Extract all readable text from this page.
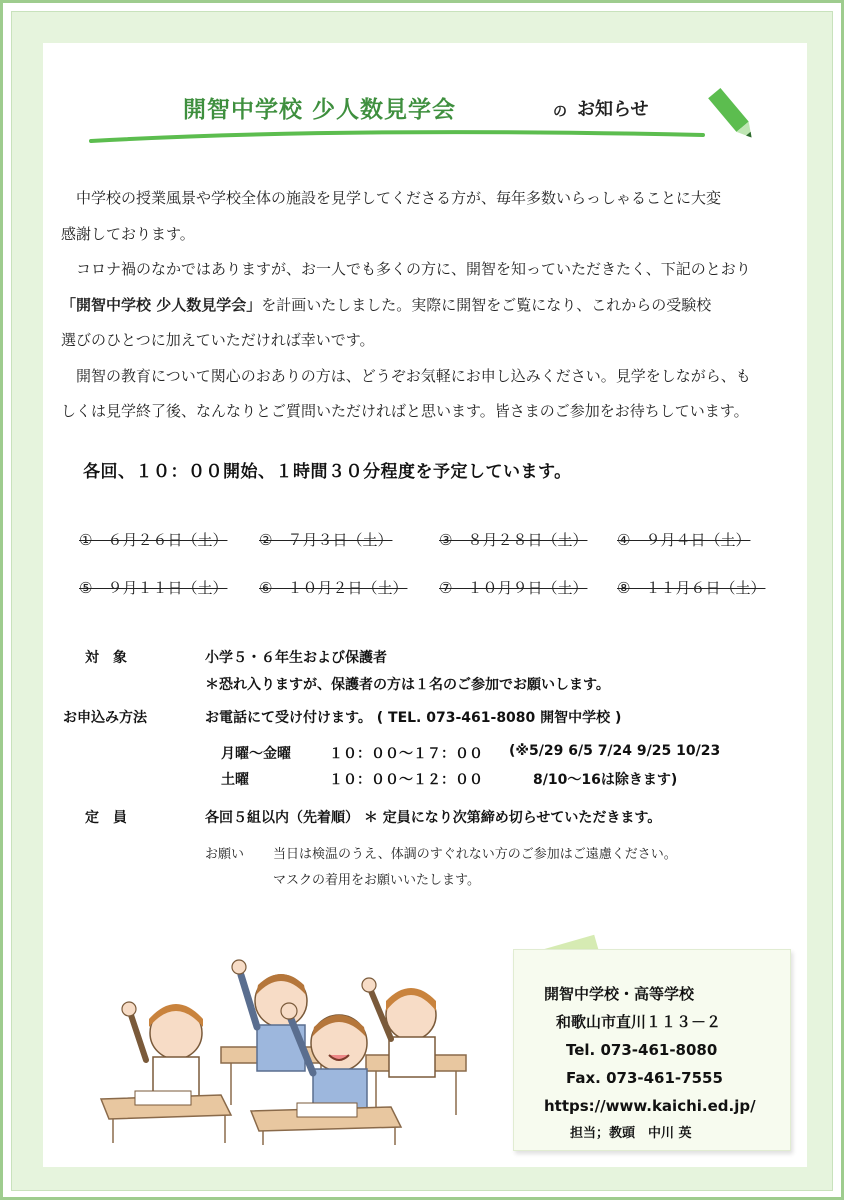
開智中学校 少人数見学会	の お知らせ

中学校の授業風景や学校全体の施設を見学してくださる方が、毎年多数いらっしゃることに大変

感謝しております。

コロナ禍のなかではありますが、お一人でも多くの方に、開智を知っていただきたく、下記のとおり

「開智中学校 少人数見学会」を計画いたしました。実際に開智をご覧になり、これからの受験校

選びのひとつに加えていただければ幸いです。

開智の教育について関心のおありの方は、どうぞお気軽にお申し込みください。見学をしながら、も

しくは見学終了後、なんなりとご質問いただければと思います。皆さまのご参加をお待ちしています。

各回、１０：００開始、１時間３０分程度を予定しています。
①　６月２６日（土） ②　７月３日（土）	③　８月２８日（土） ④　９月４日（土）
⑤　９月１１日（土） ⑥　１０月２日（土） ⑦　１０月９日（土） ⑧　１１月６日（土）
対　象	小学５・６年生および保護者
＊恐れ入りますが、保護者の方は１名のご参加でお願いします。
お申込み方法	お電話にて受け付けます。 ( TEL. 073-461-8080 開智中学校 )
月曜～金曜	１０：００～１７：００ (※5/29 6/5 7/24 9/25 10/23
土曜	１０：００～１２：００	8/10～16は除きます)
定　員	各回５組以内（先着順） ＊ 定員になり次第締め切らせていただきます。
お願い 当日は検温のうえ、体調のすぐれない方のご参加はご遠慮ください。
マスクの着用をお願いいたします。
開智中学校・高等学校
和歌山市直川１１３－２
Tel. 073-461-8080
Fax. 073-461-7555
https://www.kaichi.ed.jp/
担当；教頭　中川 英
